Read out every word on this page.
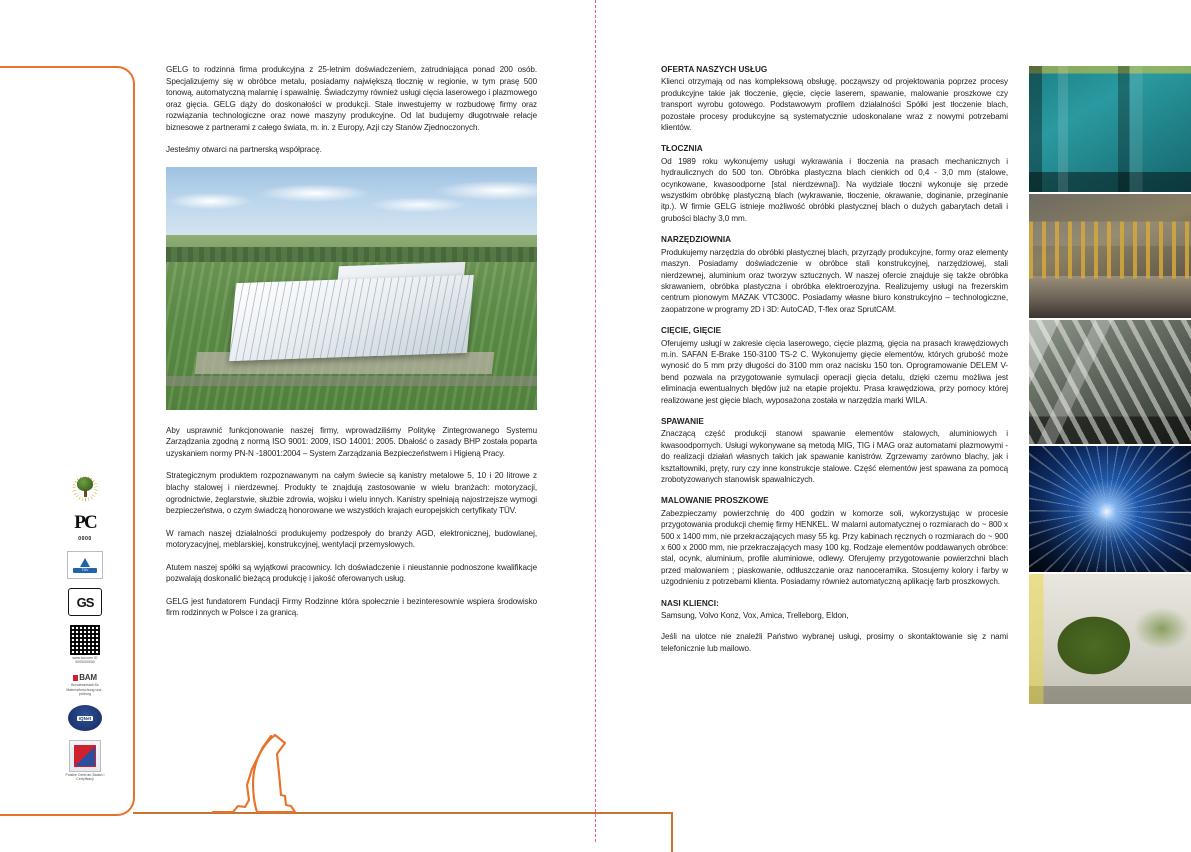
PC
0000
TÜV
GS
www.tuv.com ID 0000000000
BAM
Bundesanstalt für Materialforschung und -prüfung
IQNet
Polskie Centrum Badań i Certyfikacji

GELG to rodzinna firma produkcyjna z 25-letnim doświadczeniem, zatrudniająca ponad 200 osób. Specjalizujemy się w obróbce metalu, posiadamy największą tłocznię w regionie, w tym prasę 500 tonową, automatyczną malarnię i spawalnię. Świadczymy również usługi cięcia laserowego i plazmowego oraz gięcia. GELG dąży do doskonałości w produkcji. Stale inwestujemy w rozbudowę firmy oraz rozwiązania technologiczne oraz nowe maszyny produkcyjne. Od lat budujemy długotrwałe relacje biznesowe z partnerami z całego świata, m. in. z Europy, Azji czy Stanów Zjednoczonych.

Jesteśmy otwarci na partnerską współpracę.

Aby usprawnić funkcjonowanie naszej firmy, wprowadziliśmy Politykę Zintegrowanego Systemu Zarządzania zgodną z normą ISO 9001: 2009, ISO 14001: 2005. Dbałość o zasady BHP została poparta uzyskaniem normy PN-N -18001:2004 – System Zarządzania Bezpieczeństwem i Higieną Pracy.

Strategicznym produktem rozpoznawanym na całym świecie są kanistry metalowe 5, 10 i 20 litrowe z blachy stalowej i nierdzewnej. Produkty te znajdują zastosowanie w wielu branżach: motoryzacji, ogrodnictwie, żeglarstwie, służbie zdrowia, wojsku i wielu innych. Kanistry spełniają najostrzejsze wymogi bezpieczeństwa, o czym świadczą honorowane we wszystkich krajach europejskich certyfikaty TÜV.

W ramach naszej działalności produkujemy podzespoły do branży AGD, elektronicznej, budowlanej, motoryzacyjnej, meblarskiej, konstrukcyjnej, wentylacji przemysłowych.

Atutem naszej spółki są wyjątkowi pracownicy. Ich doświadczenie i nieustannie podnoszone kwalifikacje pozwalają doskonalić bieżącą produkcję i jakość oferowanych usług.

GELG jest fundatorem Fundacji Firmy Rodzinne która społecznie i bezinteresownie wspiera środowisko firm rodzinnych w Polsce i za granicą.

OFERTA NASZYCH USŁUG

Klienci otrzymają od nas kompleksową obsługę, począwszy od projektowania poprzez procesy produkcyjne takie jak tłoczenie, gięcie, cięcie laserem, spawanie, malowanie proszkowe czy transport wyrobu gotowego. Podstawowym profilem działalności Spółki jest tłoczenie blach, pozostałe procesy produkcyjne są systematycznie udoskonalane wraz z nowymi potrzebami klientów.

TŁOCZNIA

Od 1989 roku wykonujemy usługi wykrawania i tłoczenia na prasach mechanicznych i hydraulicznych do 500 ton. Obróbka plastyczna blach cienkich od 0,4 - 3,0 mm (stalowe, ocynkowane, kwasoodporne [stal nierdzewna]). Na wydziale tłoczni wykonuje się przede wszystkim obróbkę plastyczną blach (wykrawanie, tłoczenie, okrawanie, doginanie, przeginanie itp.). W firmie GELG istnieje możliwość obróbki plastycznej blach o dużych gabarytach detali i grubości blachy 3,0 mm.

NARZĘDZIOWNIA

Produkujemy narzędzia do obróbki plastycznej blach, przyrządy produkcyjne, formy oraz elementy maszyn. Posiadamy doświadczenie w obróbce stali konstrukcyjnej, narzędziowej, stali nierdzewnej, aluminium oraz tworzyw sztucznych. W naszej ofercie znajduje się także obróbka skrawaniem, obróbka plastyczna i obróbka elektroerozyjna. Realizujemy usługi na frezerskim centrum pionowym MAZAK VTC300C. Posiadamy własne biuro konstrukcyjno – technologiczne, zaopatrzone w programy 2D i 3D: AutoCAD, T-flex oraz SprutCAM.

CIĘCIE, GIĘCIE

Oferujemy usługi w zakresie cięcia laserowego, cięcie plazmą, gięcia na prasach krawędziowych m.in. SAFAN E-Brake 150-3100 TS-2 C. Wykonujemy gięcie elementów, których grubość może wynosić do 5 mm przy długości do 3100 mm oraz nacisku 150 ton. Oprogramowanie DELEM V-bend pozwala na przygotowanie symulacji operacji gięcia detalu, dzięki czemu możliwa jest eliminacja ewentualnych błędów już na etapie projektu. Prasa krawędziowa, przy pomocy której realizowane jest gięcie blach, wyposażona została w narzędzia marki WILA.

SPAWANIE

Znaczącą część produkcji stanowi spawanie elementów stalowych, aluminiowych i kwasoodpornych. Usługi wykonywane są metodą MIG, TIG i MAG oraz automatami plazmowymi - do realizacji działań własnych takich jak spawanie kanistrów. Zgrzewamy zarówno blachy, jak i kształtowniki, pręty, rury czy inne konstrukcje stalowe. Część elementów jest spawana za pomocą zrobotyzowanych stanowisk spawalniczych.

MALOWANIE PROSZKOWE

Zabezpieczamy powierzchnię do 400 godzin w komorze soli, wykorzystując w procesie przygotowania produkcji chemię firmy HENKEL. W malarni automatycznej o rozmiarach do ~ 800 x 500 x 1400 mm, nie przekraczających masy 55 kg. Przy kabinach ręcznych o rozmiarach do ~ 900 x 600 x 2000 mm, nie przekraczających masy 100 kg. Rodzaje elementów poddawanych obróbce: stal, ocynk, aluminium, profile aluminiowe, odlewy. Oferujemy przygotowanie powierzchni blach przed malowaniem ; piaskowanie, odtłuszczanie oraz nanoceramika. Stosujemy kolory i farby w uzgodnieniu z potrzebami klienta. Posiadamy również automatyczną aplikację farb proszkowych.

NASI KLIENCI:

Samsung, Volvo Konz, Vox, Amica, Trelleborg, Eldon,

Jeśli na ulotce nie znaleźli Państwo wybranej usługi, prosimy o skontaktowanie się z nami telefonicznie lub mailowo.
